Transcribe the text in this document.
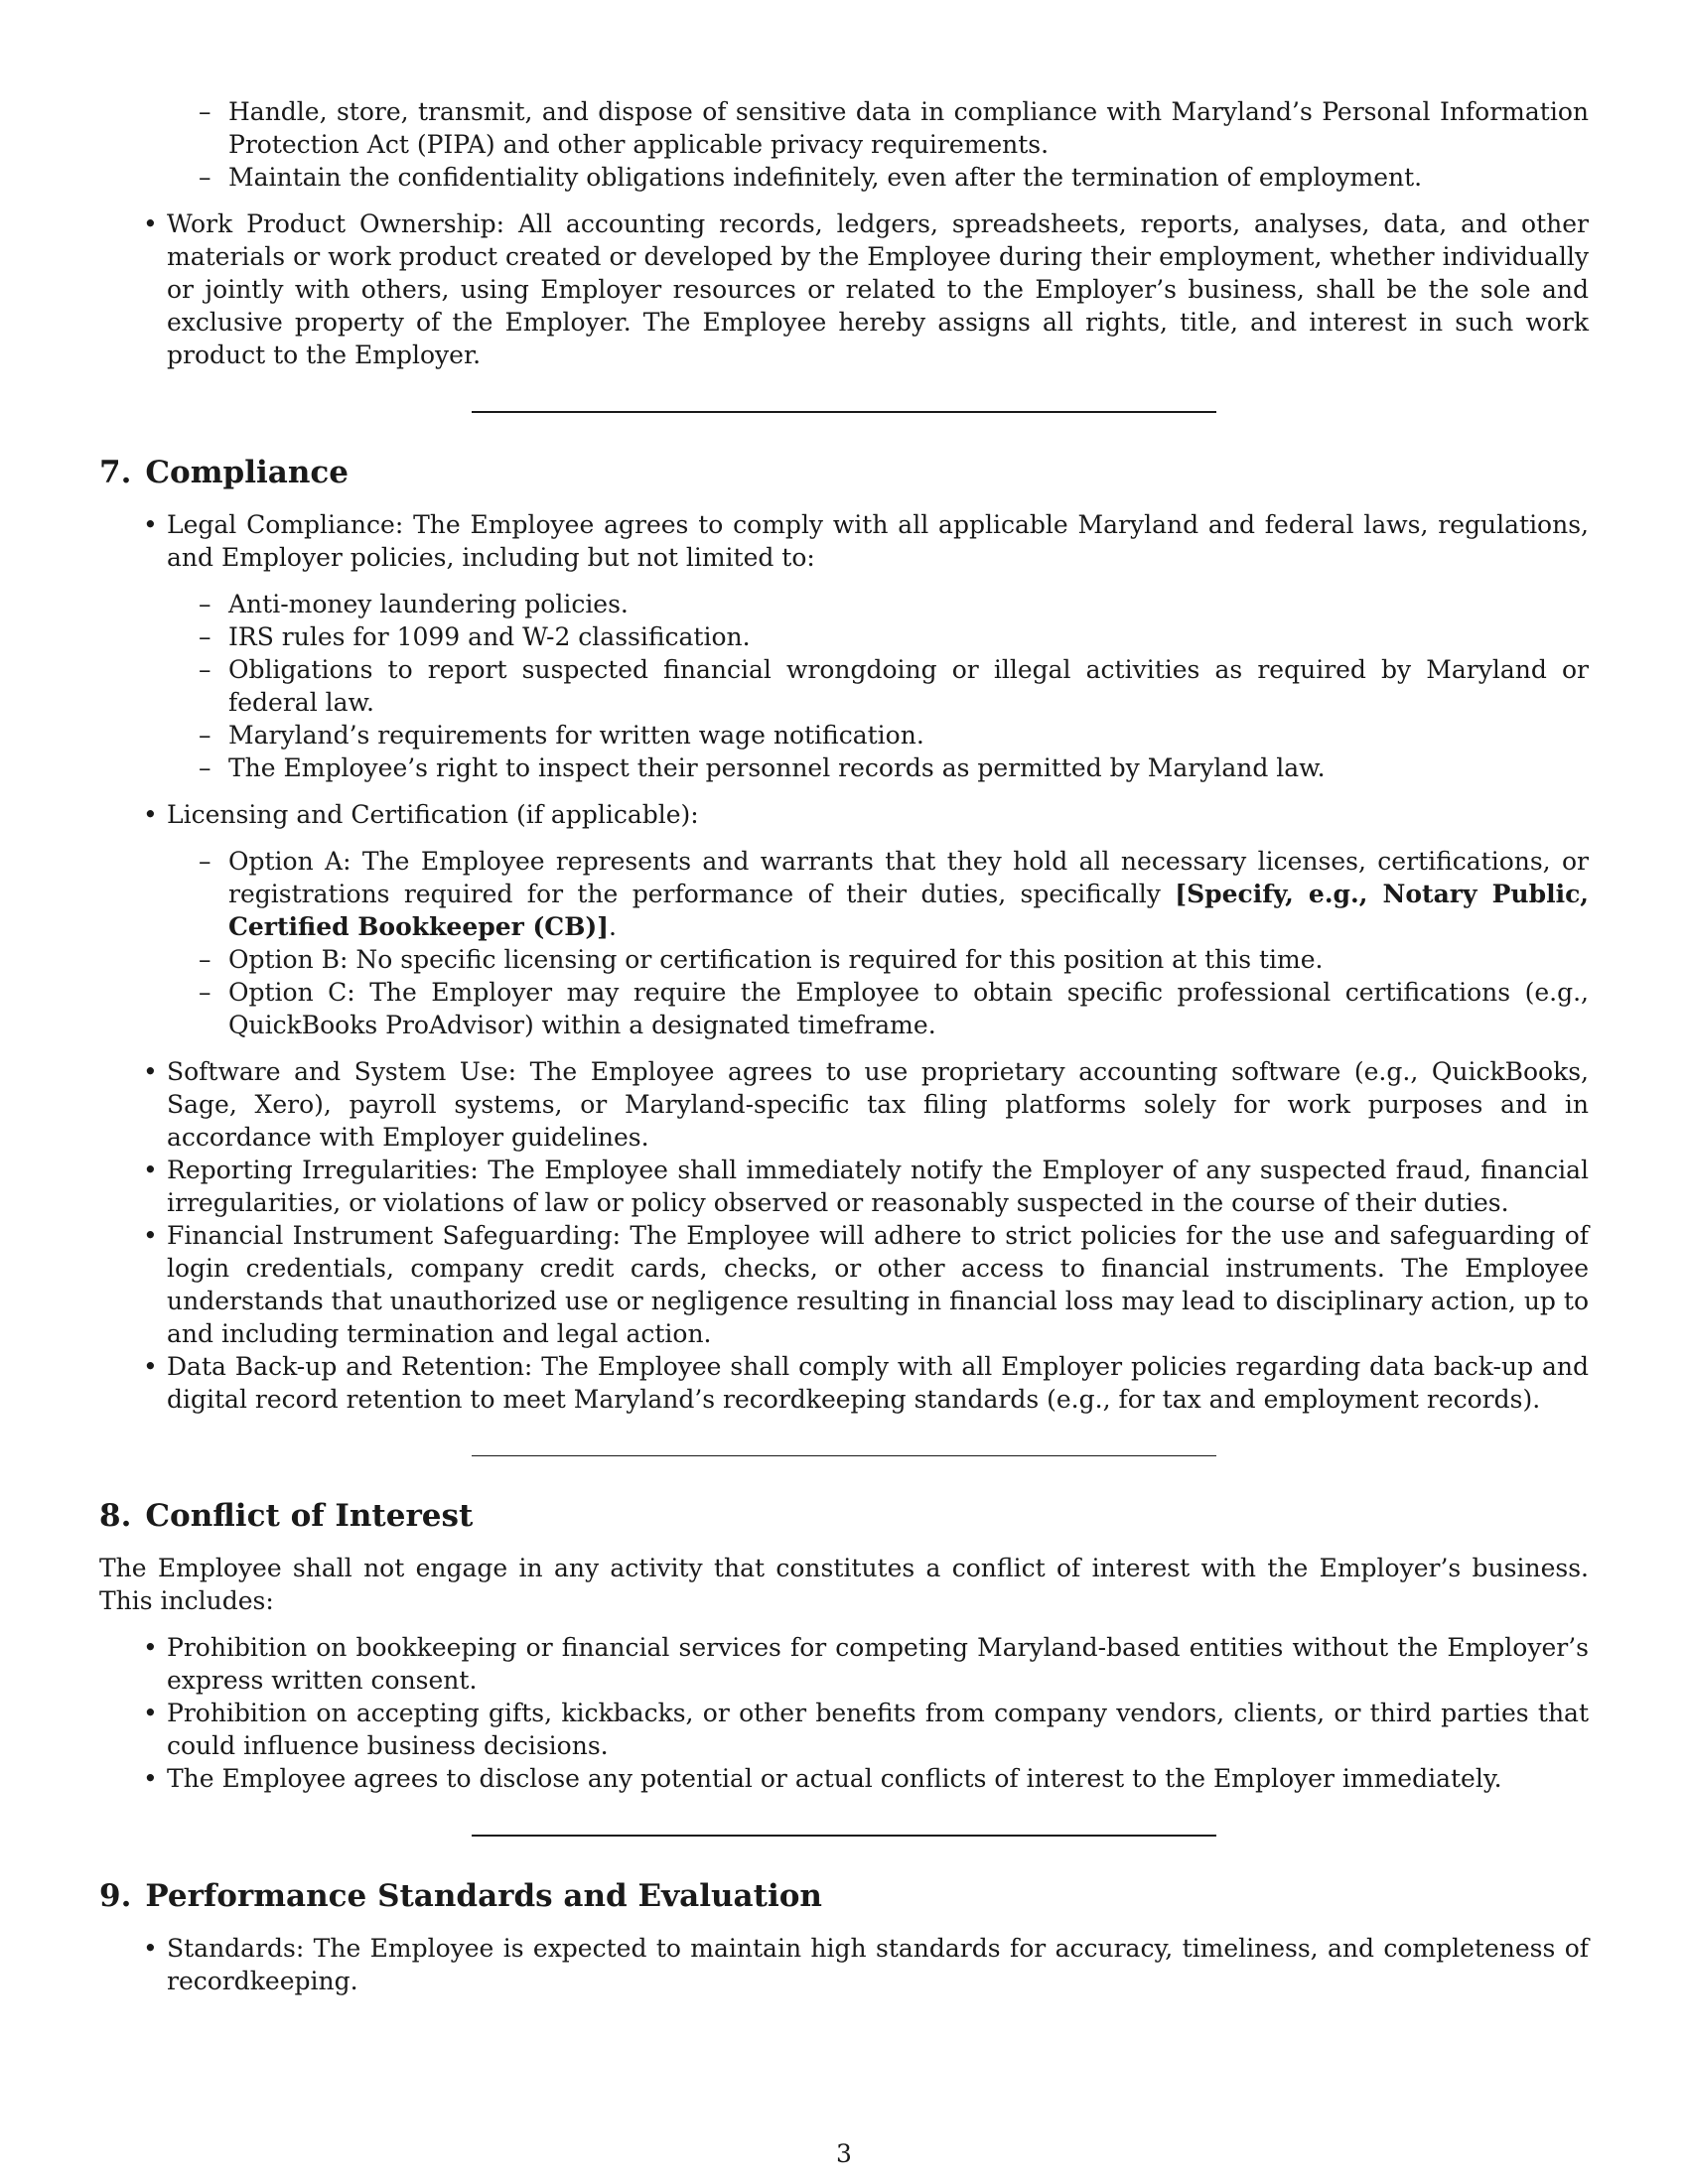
– Handle, store, transmit, and dispose of sensitive data in compliance with Maryland’s Personal Information Protection Act (PIPA) and other applicable privacy requirements.
– Maintain the confidentiality obligations indefinitely, even after the termination of employment.
• Work Product Ownership: All accounting records, ledgers, spreadsheets, reports, analyses, data, and other materials or work product created or developed by the Employee during their employment, whether individually or jointly with others, using Employer resources or related to the Employer’s business, shall be the sole and exclusive property of the Employer. The Employee hereby assigns all rights, title, and interest in such work product to the Employer.
7. Compliance
• Legal Compliance: The Employee agrees to comply with all applicable Maryland and federal laws, regulations, and Employer policies, including but not limited to:
– Anti-money laundering policies.
– IRS rules for 1099 and W-2 classification.
– Obligations to report suspected financial wrongdoing or illegal activities as required by Maryland or federal law.
– Maryland’s requirements for written wage notification.
– The Employee’s right to inspect their personnel records as permitted by Maryland law.
• Licensing and Certification (if applicable):
– Option A: The Employee represents and warrants that they hold all necessary licenses, certifications, or registrations required for the performance of their duties, specifically [Specify, e.g., Notary Public, Certified Bookkeeper (CB)].
– Option B: No specific licensing or certification is required for this position at this time.
– Option C: The Employer may require the Employee to obtain specific professional certifications (e.g., QuickBooks ProAdvisor) within a designated timeframe.
• Software and System Use: The Employee agrees to use proprietary accounting software (e.g., QuickBooks, Sage, Xero), payroll systems, or Maryland-specific tax filing platforms solely for work purposes and in accordance with Employer guidelines.
• Reporting Irregularities: The Employee shall immediately notify the Employer of any suspected fraud, financial irregularities, or violations of law or policy observed or reasonably suspected in the course of their duties.
• Financial Instrument Safeguarding: The Employee will adhere to strict policies for the use and safeguarding of login credentials, company credit cards, checks, or other access to financial instruments. The Employee understands that unauthorized use or negligence resulting in financial loss may lead to disciplinary action, up to and including termination and legal action.
• Data Back-up and Retention: The Employee shall comply with all Employer policies regarding data back-up and digital record retention to meet Maryland’s recordkeeping standards (e.g., for tax and employment records).
8. Conflict of Interest

The Employee shall not engage in any activity that constitutes a conflict of interest with the Employer’s business. This includes:

• Prohibition on bookkeeping or financial services for competing Maryland-based entities without the Employer’s express written consent.
• Prohibition on accepting gifts, kickbacks, or other benefits from company vendors, clients, or third parties that could influence business decisions.
• The Employee agrees to disclose any potential or actual conflicts of interest to the Employer immediately.
9. Performance Standards and Evaluation
• Standards: The Employee is expected to maintain high standards for accuracy, timeliness, and completeness of recordkeeping.
3
